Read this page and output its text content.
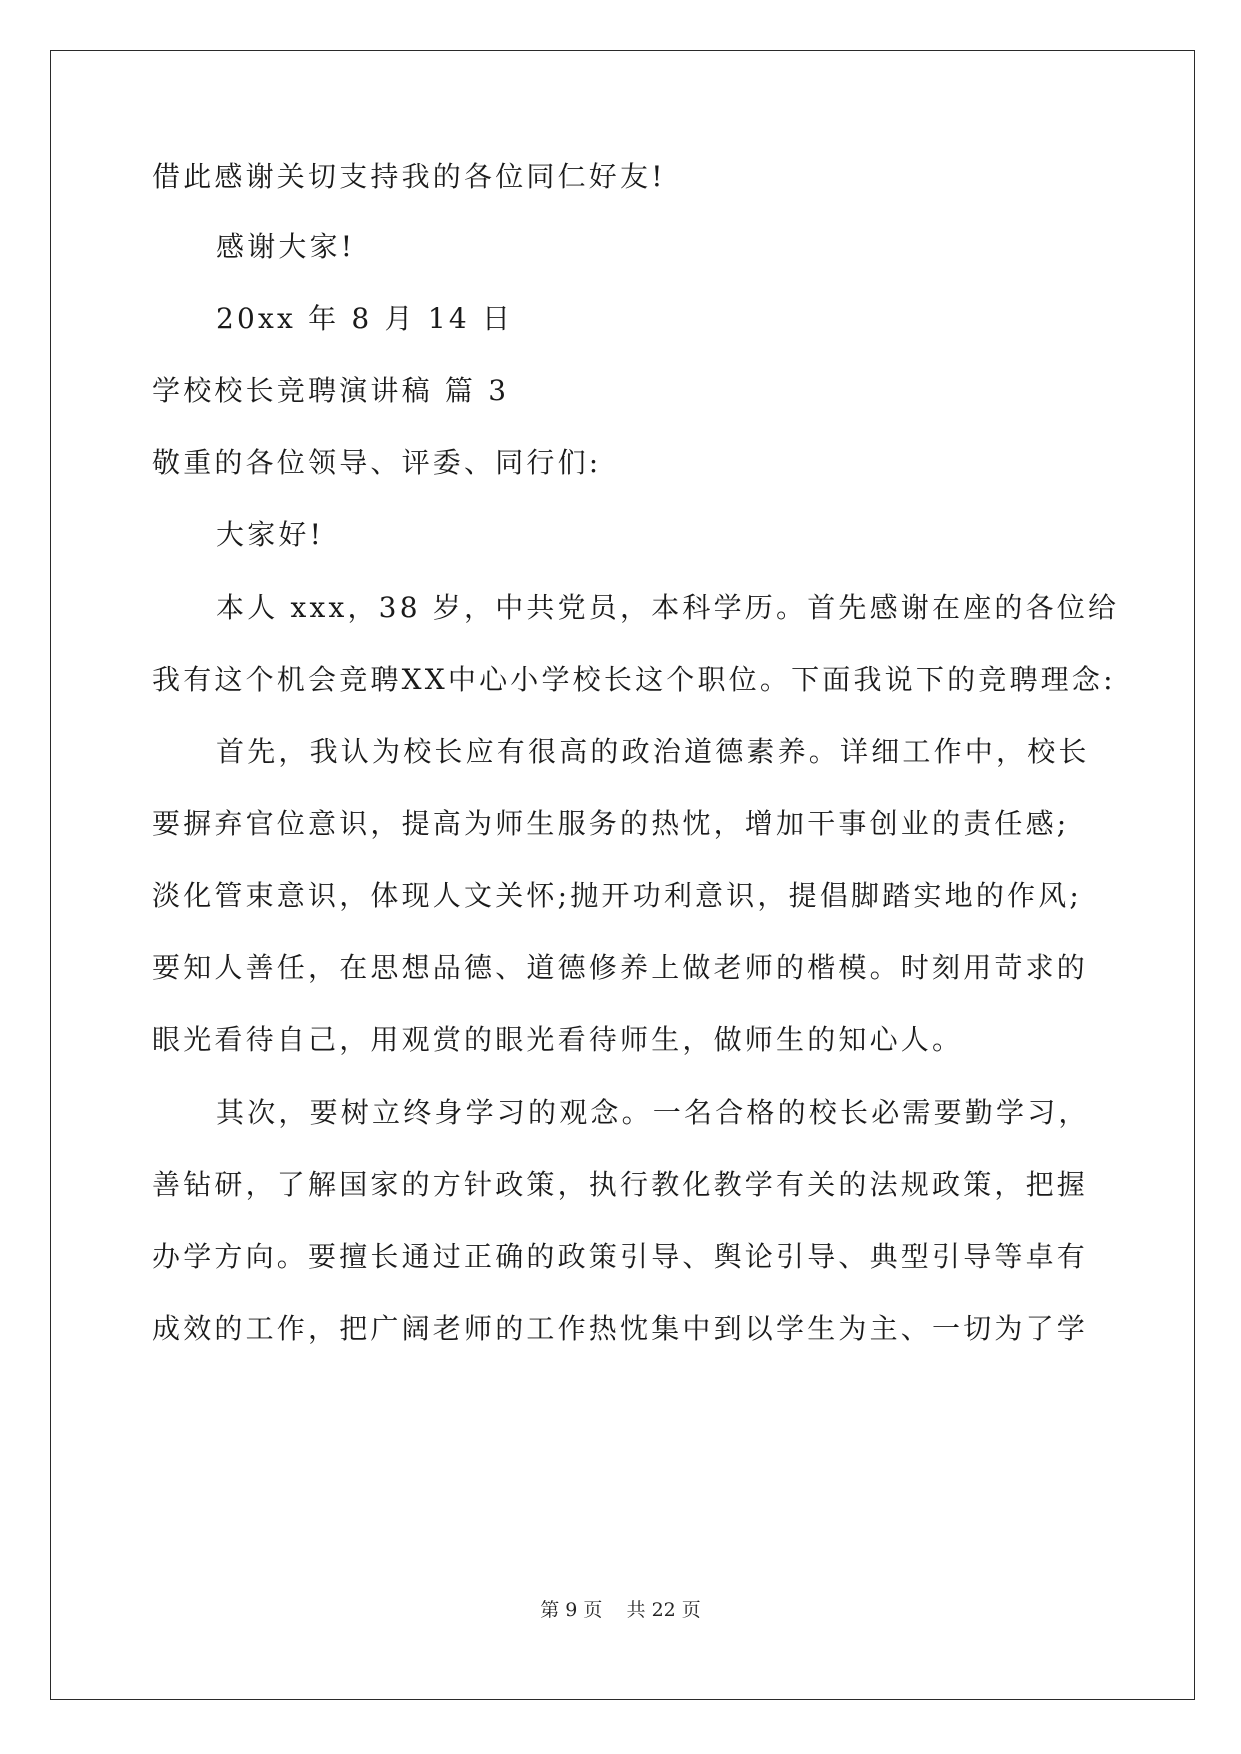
借此感谢关切支持我的各位同仁好友!
感谢大家!
20xx 年 8 月 14 日
学校校长竞聘演讲稿 篇 3
敬重的各位领导、评委、同行们:
大家好!
本人 xxx，38 岁，中共党员，本科学历。首先感谢在座的各位给
我有这个机会竞聘XX中心小学校长这个职位。下面我说下的竞聘理念:
首先，我认为校长应有很高的政治道德素养。详细工作中，校长
要摒弃官位意识，提高为师生服务的热忱，增加干事创业的责任感;
淡化管束意识，体现人文关怀;抛开功利意识，提倡脚踏实地的作风;
要知人善任，在思想品德、道德修养上做老师的楷模。时刻用苛求的
眼光看待自己，用观赏的眼光看待师生，做师生的知心人。
其次，要树立终身学习的观念。一名合格的校长必需要勤学习，
善钻研，了解国家的方针政策，执行教化教学有关的法规政策，把握
办学方向。要擅长通过正确的政策引导、舆论引导、典型引导等卓有
成效的工作，把广阔老师的工作热忱集中到以学生为主、一切为了学
第 9 页    共 22 页
